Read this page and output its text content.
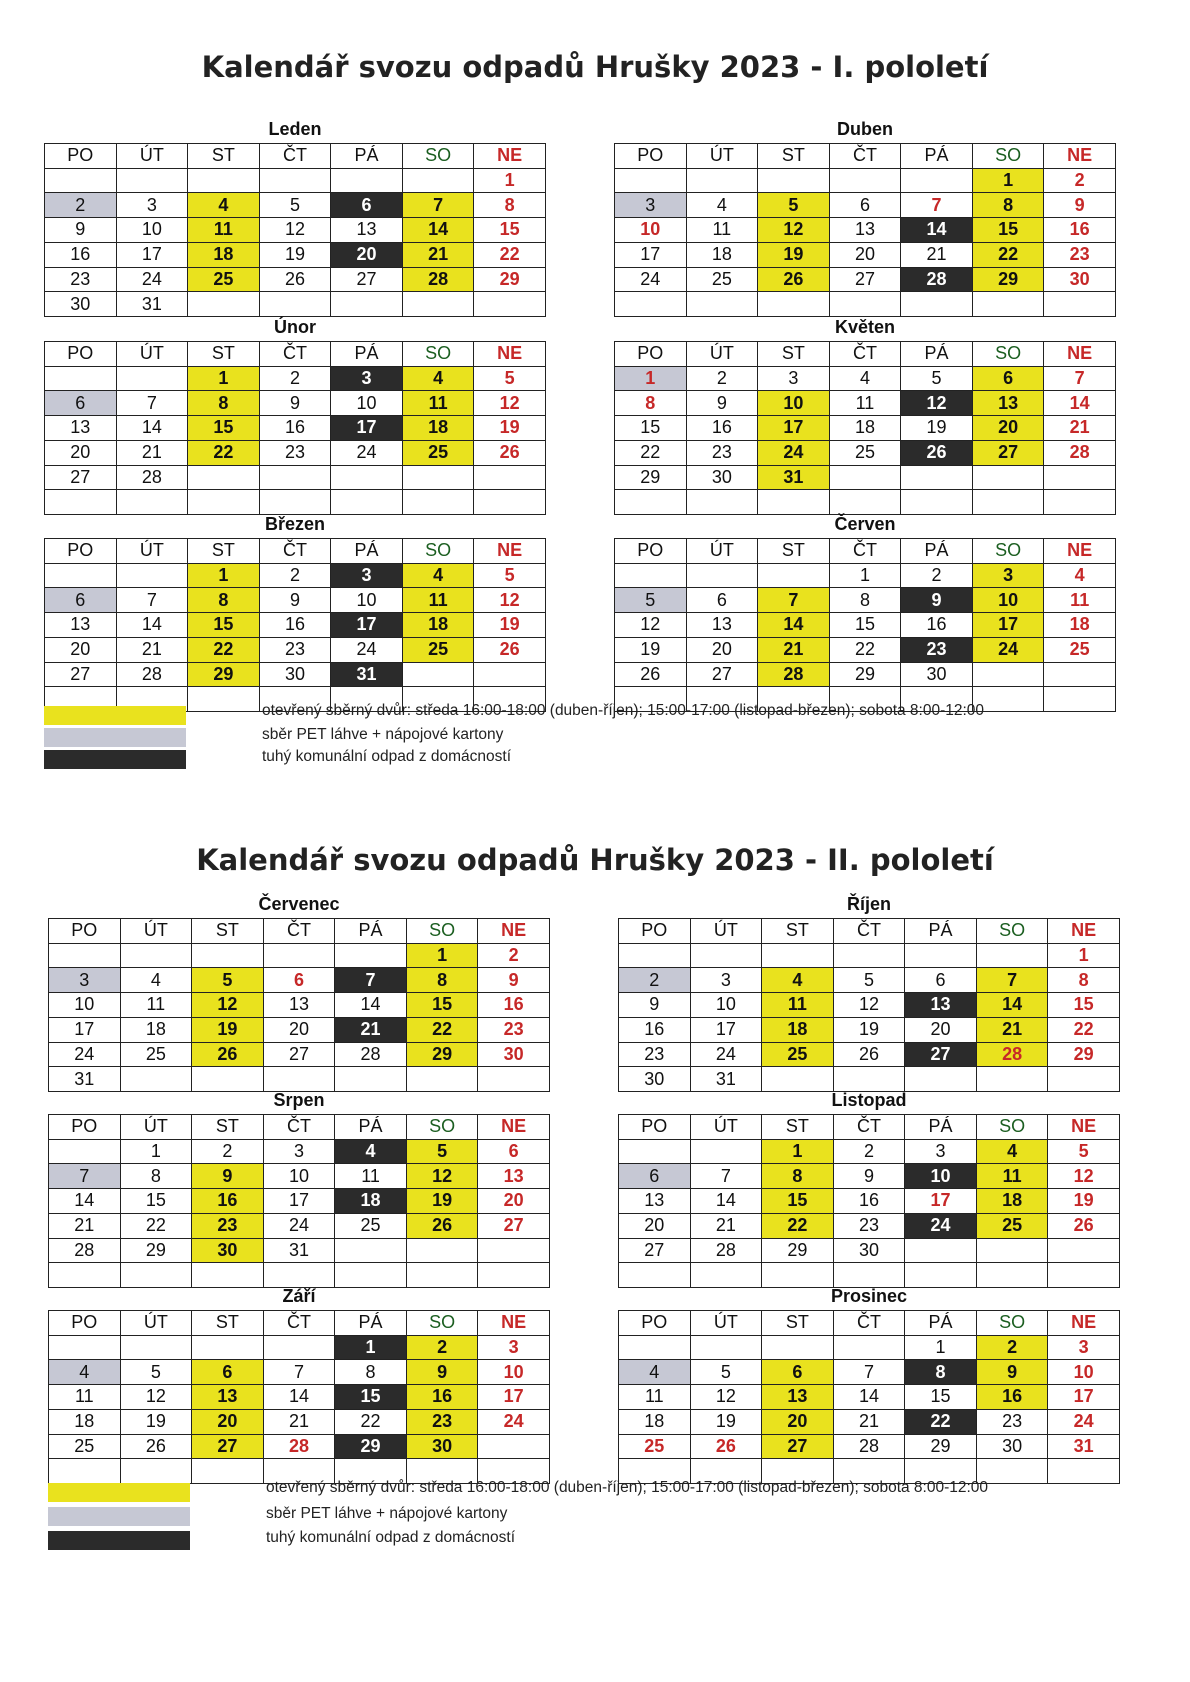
Kalendář svozu odpadů Hrušky 2023 - I. pololetí
Kalendář svozu odpadů Hrušky 2023 - II. pololetí
Leden
PO	ÚT	ST	ČT	PÁ	SO	NE
						1
2	3	4	5	6	7	8
9	10	11	12	13	14	15
16	17	18	19	20	21	22
23	24	25	26	27	28	29
30	31					
Duben
PO	ÚT	ST	ČT	PÁ	SO	NE
					1	2
3	4	5	6	7	8	9
10	11	12	13	14	15	16
17	18	19	20	21	22	23
24	25	26	27	28	29	30

Únor
PO	ÚT	ST	ČT	PÁ	SO	NE
		1	2	3	4	5
6	7	8	9	10	11	12
13	14	15	16	17	18	19
20	21	22	23	24	25	26
27	28					

Květen
PO	ÚT	ST	ČT	PÁ	SO	NE
1	2	3	4	5	6	7
8	9	10	11	12	13	14
15	16	17	18	19	20	21
22	23	24	25	26	27	28
29	30	31				

Březen
PO	ÚT	ST	ČT	PÁ	SO	NE
		1	2	3	4	5
6	7	8	9	10	11	12
13	14	15	16	17	18	19
20	21	22	23	24	25	26
27	28	29	30	31		

Červen
PO	ÚT	ST	ČT	PÁ	SO	NE
			1	2	3	4
5	6	7	8	9	10	11
12	13	14	15	16	17	18
19	20	21	22	23	24	25
26	27	28	29	30		

Červenec
PO	ÚT	ST	ČT	PÁ	SO	NE
					1	2
3	4	5	6	7	8	9
10	11	12	13	14	15	16
17	18	19	20	21	22	23
24	25	26	27	28	29	30
31						
Říjen
PO	ÚT	ST	ČT	PÁ	SO	NE
						1
2	3	4	5	6	7	8
9	10	11	12	13	14	15
16	17	18	19	20	21	22
23	24	25	26	27	28	29
30	31					
Srpen
PO	ÚT	ST	ČT	PÁ	SO	NE
	1	2	3	4	5	6
7	8	9	10	11	12	13
14	15	16	17	18	19	20
21	22	23	24	25	26	27
28	29	30	31			

Listopad
PO	ÚT	ST	ČT	PÁ	SO	NE
		1	2	3	4	5
6	7	8	9	10	11	12
13	14	15	16	17	18	19
20	21	22	23	24	25	26
27	28	29	30			

Září
PO	ÚT	ST	ČT	PÁ	SO	NE
				1	2	3
4	5	6	7	8	9	10
11	12	13	14	15	16	17
18	19	20	21	22	23	24
25	26	27	28	29	30	

Prosinec
PO	ÚT	ST	ČT	PÁ	SO	NE
				1	2	3
4	5	6	7	8	9	10
11	12	13	14	15	16	17
18	19	20	21	22	23	24
25	26	27	28	29	30	31

otevřený sběrný dvůr: středa 16:00-18:00 (duben-říjen); 15:00-17:00 (listopad-březen); sobota 8:00-12:00
sběr PET láhve + nápojové kartony
tuhý komunální odpad z domácností
otevřený sběrný dvůr: středa 16:00-18:00 (duben-říjen); 15:00-17:00 (listopad-březen); sobota 8:00-12:00
sběr PET láhve + nápojové kartony
tuhý komunální odpad z domácností
